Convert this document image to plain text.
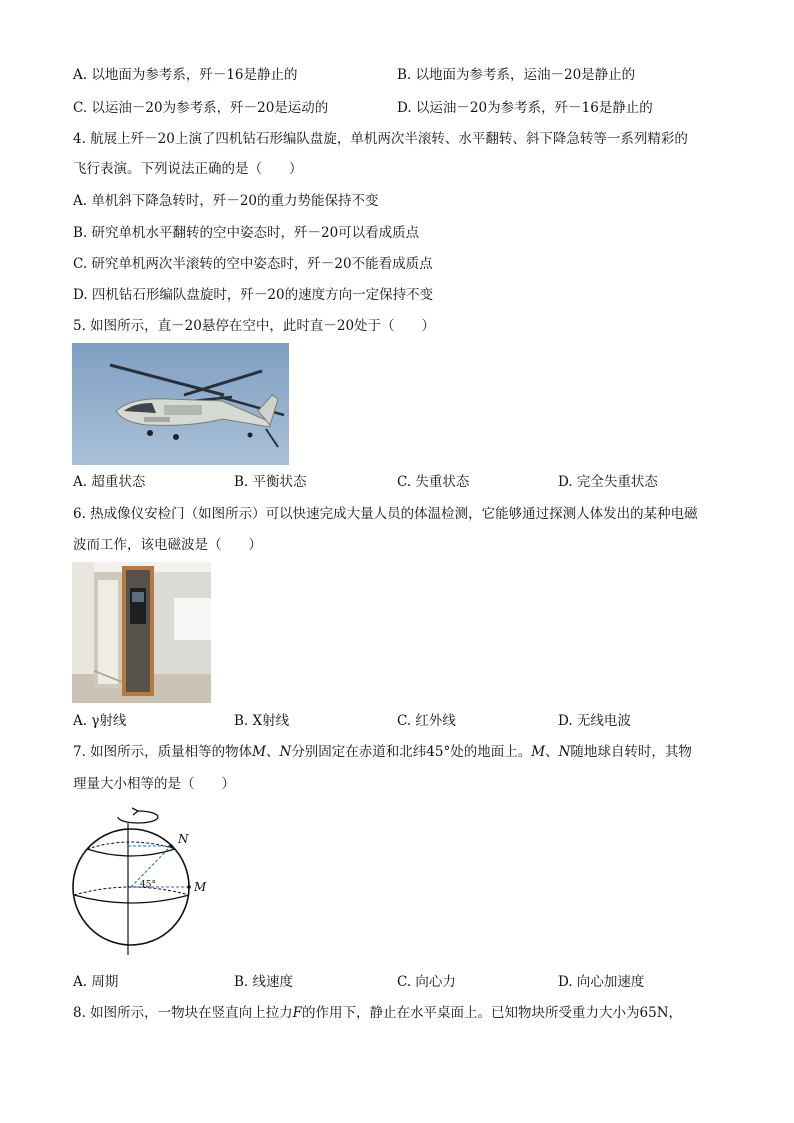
A. 以地面为参考系，歼－16是静止的	B. 以地面为参考系，运油－20是静止的
C. 以运油－20为参考系，歼－20是运动的	D. 以运油－20为参考系，歼－16是静止的
4. 航展上歼－20上演了四机钻石形编队盘旋，单机两次半滚转、水平翻转、斜下降急转等一系列精彩的
飞行表演。下列说法正确的是（　　）
A. 单机斜下降急转时，歼－20的重力势能保持不变
B. 研究单机水平翻转的空中姿态时，歼－20可以看成质点
C. 研究单机两次半滚转的空中姿态时，歼－20不能看成质点
D. 四机钻石形编队盘旋时，歼－20的速度方向一定保持不变
5. 如图所示，直－20悬停在空中，此时直－20处于（　　）
A. 超重状态	B. 平衡状态	C. 失重状态	D. 完全失重状态
6. 热成像仪安检门（如图所示）可以快速完成大量人员的体温检测，它能够通过探测人体发出的某种电磁
波而工作，该电磁波是（　　）
A. γ射线	B. X射线	C. 红外线	D. 无线电波
7. 如图所示，质量相等的物体M、N分别固定在赤道和北纬45°处的地面上。M、N随地球自转时，其物
理量大小相等的是（　　）
45°
N
M
A. 周期	B. 线速度	C. 向心力	D. 向心加速度
8. 如图所示，一物块在竖直向上拉力F的作用下，静止在水平桌面上。已知物块所受重力大小为65N，
